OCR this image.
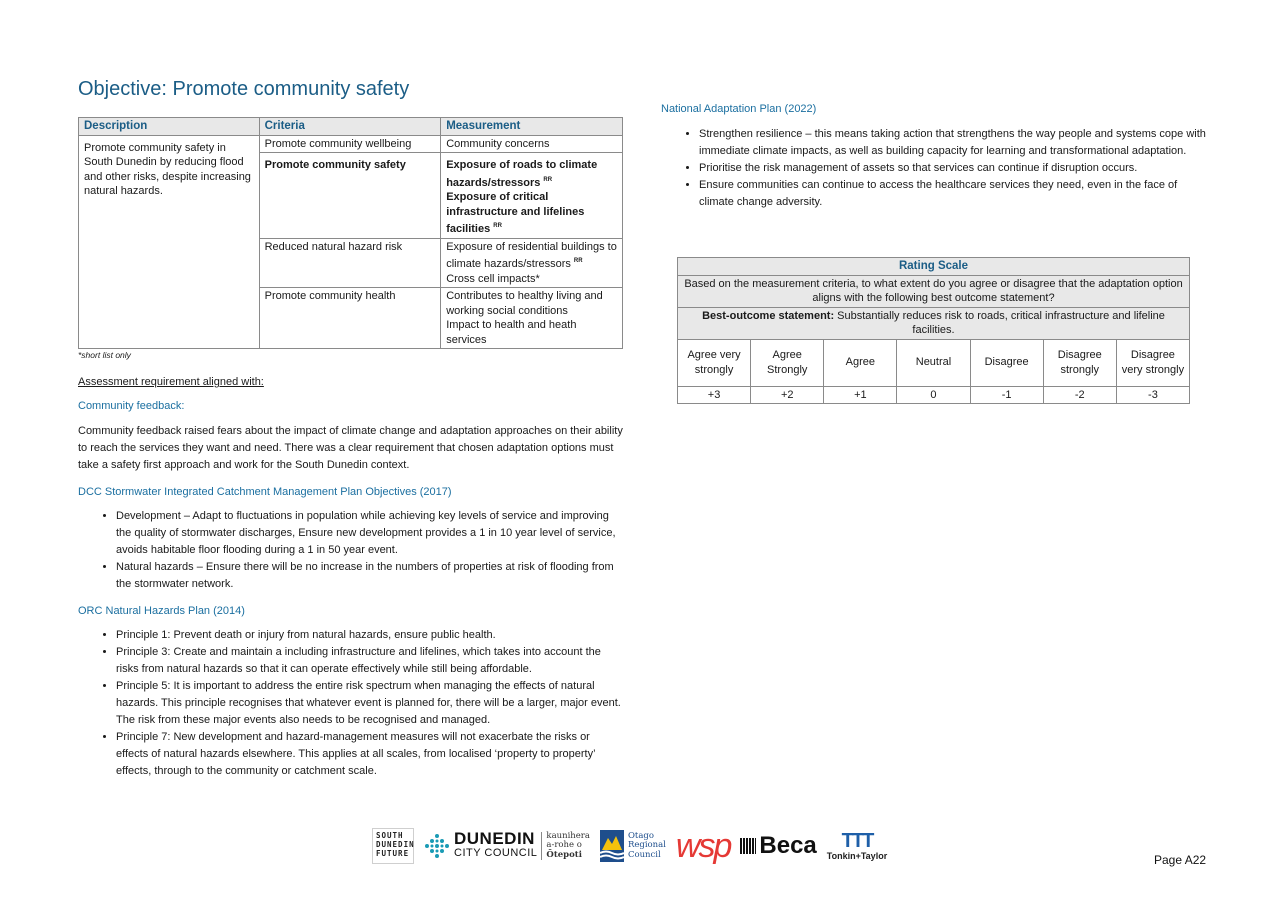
Objective: Promote community safety
Description	Criteria	Measurement
Promote community safety in South Dunedin by reducing flood and other risks, despite increasing natural hazards.	Promote community wellbeing	Community concerns
	Promote community safety	Exposure of roads to climate hazards/stressors $^{RR}$
Exposure of critical infrastructure and lifelines facilities $^{RR}$
	Reduced natural hazard risk	Exposure of residential buildings to climate hazards/stressors $^{RR}$
Cross cell impacts*
	Promote community health	Contributes to healthy living and working social conditions
Impact to health and heath services
*short list only
Assessment requirement aligned with:
Community feedback:
Community feedback raised fears about the impact of climate change and adaptation approaches on their ability to reach the services they want and need. There was a clear requirement that chosen adaptation options must take a safety first approach and work for the South Dunedin context.
DCC Stormwater Integrated Catchment Management Plan Objectives (2017)
• Development – Adapt to fluctuations in population while achieving key levels of service and improving the quality of stormwater discharges, Ensure new development provides a 1 in 10 year level of service, avoids habitable floor flooding during a 1 in 50 year event.
• Natural hazards – Ensure there will be no increase in the numbers of properties at risk of flooding from the stormwater network.
ORC Natural Hazards Plan (2014)
• Principle 1: Prevent death or injury from natural hazards, ensure public health.
• Principle 3: Create and maintain a including infrastructure and lifelines, which takes into account the risks from natural hazards so that it can operate effectively while still being affordable.
• Principle 5: It is important to address the entire risk spectrum when managing the effects of natural hazards. This principle recognises that whatever event is planned for, there will be a larger, major event. The risk from these major events also needs to be recognised and managed.
• Principle 7: New development and hazard-management measures will not exacerbate the risks or effects of natural hazards elsewhere. This applies at all scales, from localised ‘property to property’ effects, through to the community or catchment scale.
National Adaptation Plan (2022)
• Strengthen resilience – this means taking action that strengthens the way people and systems cope with immediate climate impacts, as well as building capacity for learning and transformational adaptation.
• Prioritise the risk management of assets so that services can continue if disruption occurs.
• Ensure communities can continue to access the healthcare services they need, even in the face of climate change adversity.
Rating Scale						
Based on the measurement criteria, to what extent do you agree or disagree that the adaptation option aligns with the following best outcome statement?						
Best-outcome statement: Substantially reduces risk to roads, critical infrastructure and lifeline facilities.						
Agree very strongly	Agree Strongly	Agree	Neutral	Disagree	Disagree strongly	Disagree very strongly
+3	+2	+1	0	-1	-2	-3
SOUTH
DUNEDIN
FUTURE
DUNEDIN
CITY COUNCIL
kaunihera
a-rohe o
Ōtepoti
Otago
Regional
Council wsp Beca TTT
Tonkin+Taylor	Page A22
